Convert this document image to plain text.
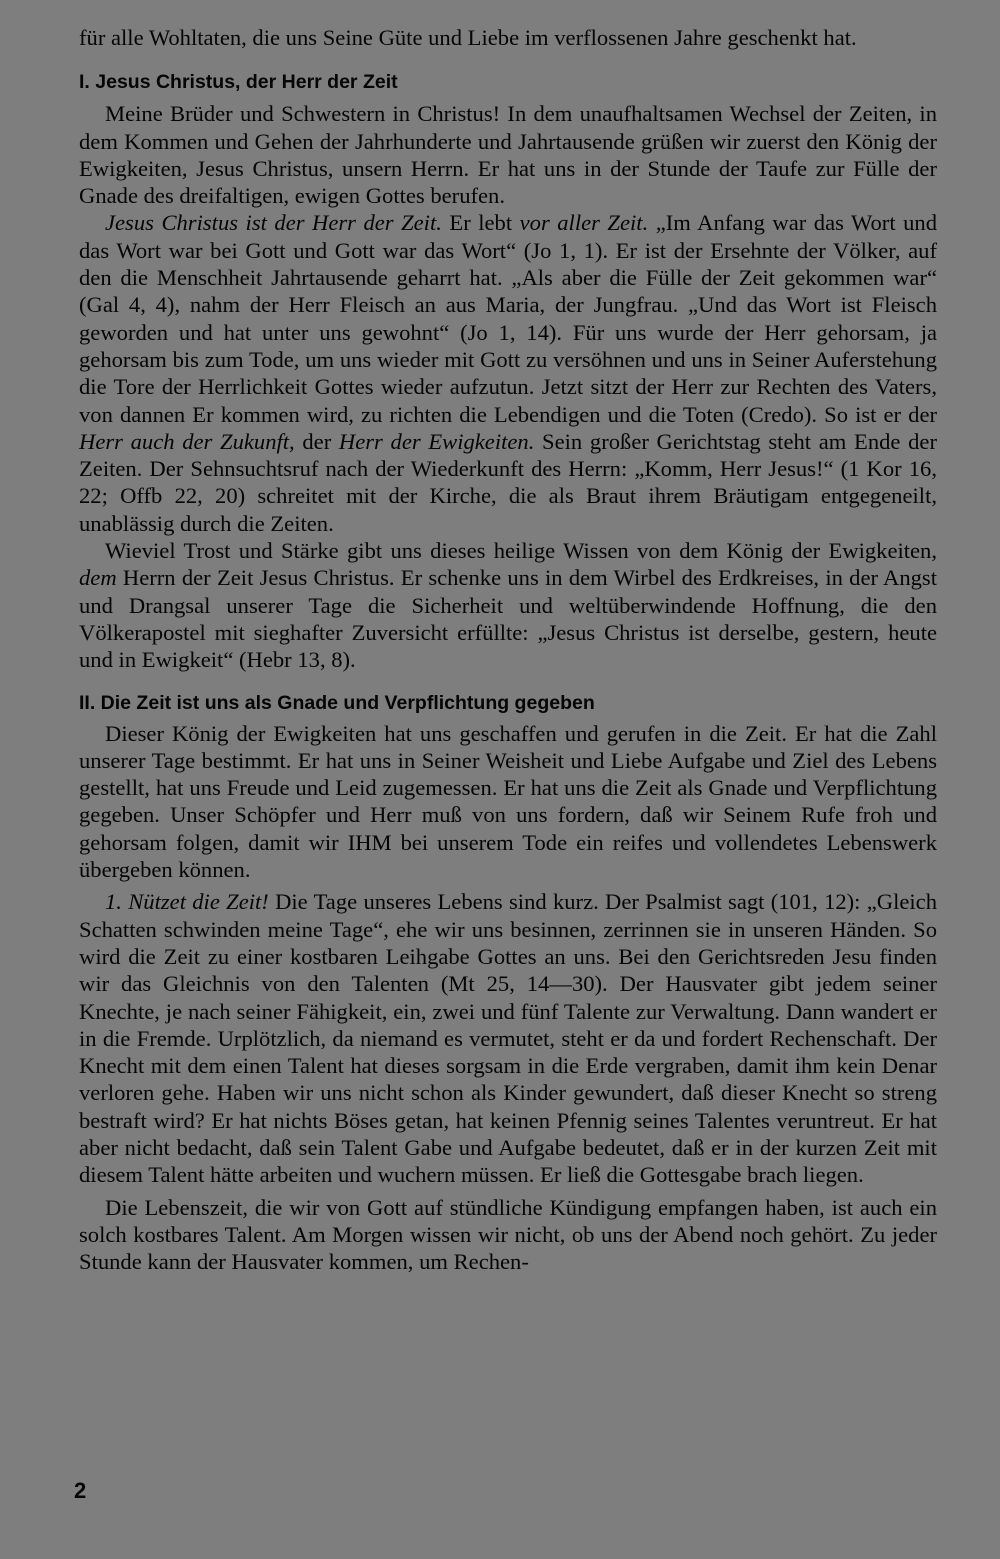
für alle Wohltaten, die uns Seine Güte und Liebe im verflossenen Jahre geschenkt hat.

I. Jesus Christus, der Herr der Zeit

Meine Brüder und Schwestern in Christus! In dem unaufhaltsamen Wechsel der Zeiten, in dem Kommen und Gehen der Jahrhunderte und Jahrtausende grüßen wir zuerst den König der Ewigkeiten, Jesus Christus, unsern Herrn. Er hat uns in der Stunde der Taufe zur Fülle der Gnade des dreifaltigen, ewigen Gottes berufen.

Jesus Christus ist der Herr der Zeit. Er lebt vor aller Zeit. „Im Anfang war das Wort und das Wort war bei Gott und Gott war das Wort“ (Jo 1, 1). Er ist der Ersehnte der Völker, auf den die Menschheit Jahrtausende geharrt hat. „Als aber die Fülle der Zeit gekommen war“ (Gal 4, 4), nahm der Herr Fleisch an aus Maria, der Jungfrau. „Und das Wort ist Fleisch geworden und hat unter uns gewohnt“ (Jo 1, 14). Für uns wurde der Herr gehorsam, ja gehorsam bis zum Tode, um uns wieder mit Gott zu versöhnen und uns in Seiner Auferstehung die Tore der Herrlichkeit Gottes wieder aufzutun. Jetzt sitzt der Herr zur Rechten des Vaters, von dannen Er kommen wird, zu richten die Lebendigen und die Toten (Credo). So ist er der Herr auch der Zukunft, der Herr der Ewigkeiten. Sein großer Gerichtstag steht am Ende der Zeiten. Der Sehnsuchtsruf nach der Wiederkunft des Herrn: „Komm, Herr Jesus!“ (1 Kor 16, 22; Offb 22, 20) schreitet mit der Kirche, die als Braut ihrem Bräutigam entgegeneilt, unablässig durch die Zeiten.

Wieviel Trost und Stärke gibt uns dieses heilige Wissen von dem König der Ewigkeiten, dem Herrn der Zeit Jesus Christus. Er schenke uns in dem Wirbel des Erdkreises, in der Angst und Drangsal unserer Tage die Sicherheit und weltüberwindende Hoffnung, die den Völkerapostel mit sieghafter Zuversicht erfüllte: „Jesus Christus ist derselbe, gestern, heute und in Ewigkeit“ (Hebr 13, 8).

II. Die Zeit ist uns als Gnade und Verpflichtung gegeben

Dieser König der Ewigkeiten hat uns geschaffen und gerufen in die Zeit. Er hat die Zahl unserer Tage bestimmt. Er hat uns in Seiner Weisheit und Liebe Aufgabe und Ziel des Lebens gestellt, hat uns Freude und Leid zugemessen. Er hat uns die Zeit als Gnade und Verpflichtung gegeben. Unser Schöpfer und Herr muß von uns fordern, daß wir Seinem Rufe froh und gehorsam folgen, damit wir IHM bei unserem Tode ein reifes und vollendetes Lebenswerk übergeben können.

1. Nützet die Zeit! Die Tage unseres Lebens sind kurz. Der Psalmist sagt (101, 12): „Gleich Schatten schwinden meine Tage“, ehe wir uns besinnen, zerrinnen sie in unseren Händen. So wird die Zeit zu einer kostbaren Leihgabe Gottes an uns. Bei den Gerichtsreden Jesu finden wir das Gleichnis von den Talenten (Mt 25, 14—30). Der Hausvater gibt jedem seiner Knechte, je nach seiner Fähigkeit, ein, zwei und fünf Talente zur Verwaltung. Dann wandert er in die Fremde. Urplötzlich, da niemand es vermutet, steht er da und fordert Rechenschaft. Der Knecht mit dem einen Talent hat dieses sorgsam in die Erde vergraben, damit ihm kein Denar verloren gehe. Haben wir uns nicht schon als Kinder gewundert, daß dieser Knecht so streng bestraft wird? Er hat nichts Böses getan, hat keinen Pfennig seines Talentes veruntreut. Er hat aber nicht bedacht, daß sein Talent Gabe und Aufgabe bedeutet, daß er in der kurzen Zeit mit diesem Talent hätte arbeiten und wuchern müssen. Er ließ die Gottesgabe brach liegen.

Die Lebenszeit, die wir von Gott auf stündliche Kündigung empfangen haben, ist auch ein solch kostbares Talent. Am Morgen wissen wir nicht, ob uns der Abend noch gehört. Zu jeder Stunde kann der Hausvater kommen, um Rechen-

2
